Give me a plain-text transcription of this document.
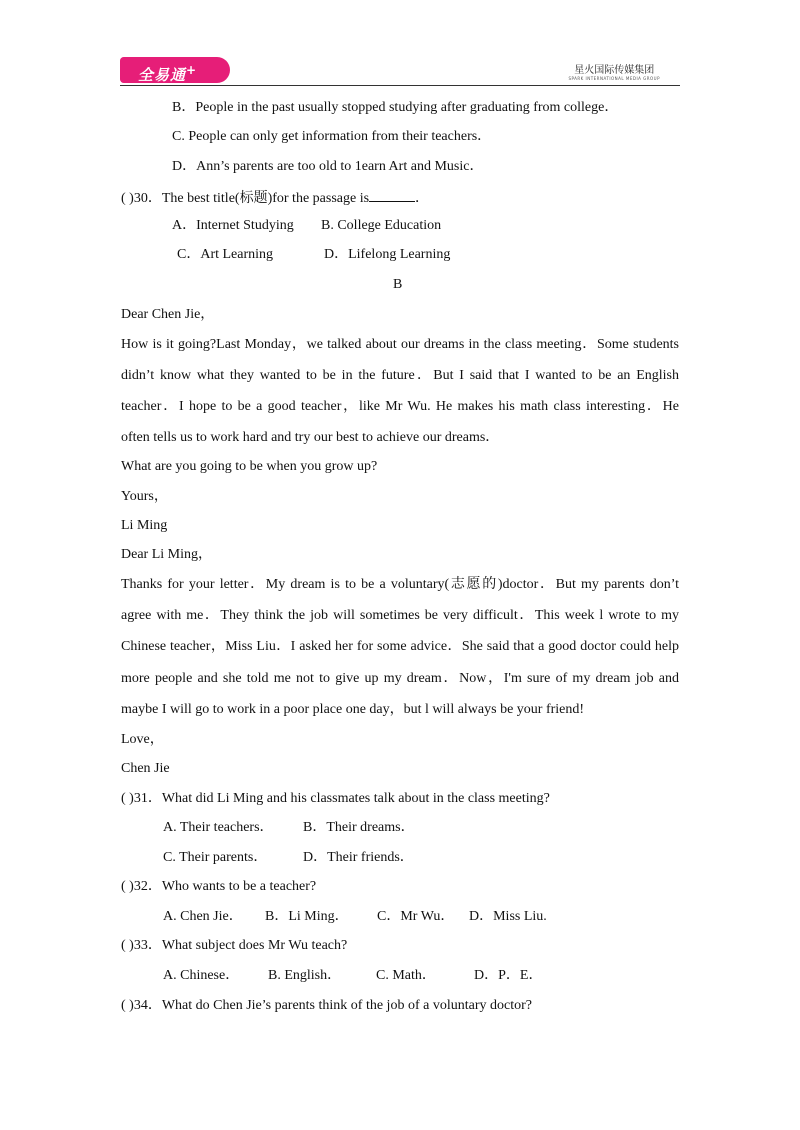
全易通+	星火国际传媒集团
SPARK INTERNATIONAL MEDIA GROUP
B．People in the past usually stopped studying after graduating from college．
C. People can only get information from their teachers．
D．Ann’s parents are too old to 1earn Art and Music．
( )30．The best title(标题)for the passage is	．
A．Internet Studying B. College Education
C．Art Learning	D．Lifelong Learning
B
Dear Chen Jie，
How is it going?Last Monday，we talked about our dreams in the class meeting．Some students
didn’t know what they wanted to be in the future．But I said that I wanted to be an English
teacher．I hope to be a good teacher，like Mr Wu. He makes his math class interesting．He
often tells us to work hard and try our best to achieve our dreams．
What are you going to be when you grow up?
Yours，
Li Ming
Dear Li Ming，
Thanks for your letter．My dream is to be a voluntary(志愿的)doctor．But my parents don’t
agree with me．They think the job will sometimes be very difficult．This week l wrote to my
Chinese teacher，Miss Liu．I asked her for some advice．She said that a good doctor could help
more people and she told me not to give up my dream．Now，I'm sure of my dream job and
maybe I will go to work in a poor place one day，but l will always be your friend!
Love，
Chen Jie
( )31．What did Li Ming and his classmates talk about in the class meeting?
A. Their teachers． B．Their dreams．
C. Their parents．	D．Their friends．
( )32．Who wants to be a teacher?
A. Chen Jie． B．Li Ming． C．Mr Wu． D．Miss Liu.
( )33．What subject does Mr Wu teach?
A. Chinese． B. English． C. Math．	D．P．E．
( )34．What do Chen Jie’s parents think of the job of a voluntary doctor?
